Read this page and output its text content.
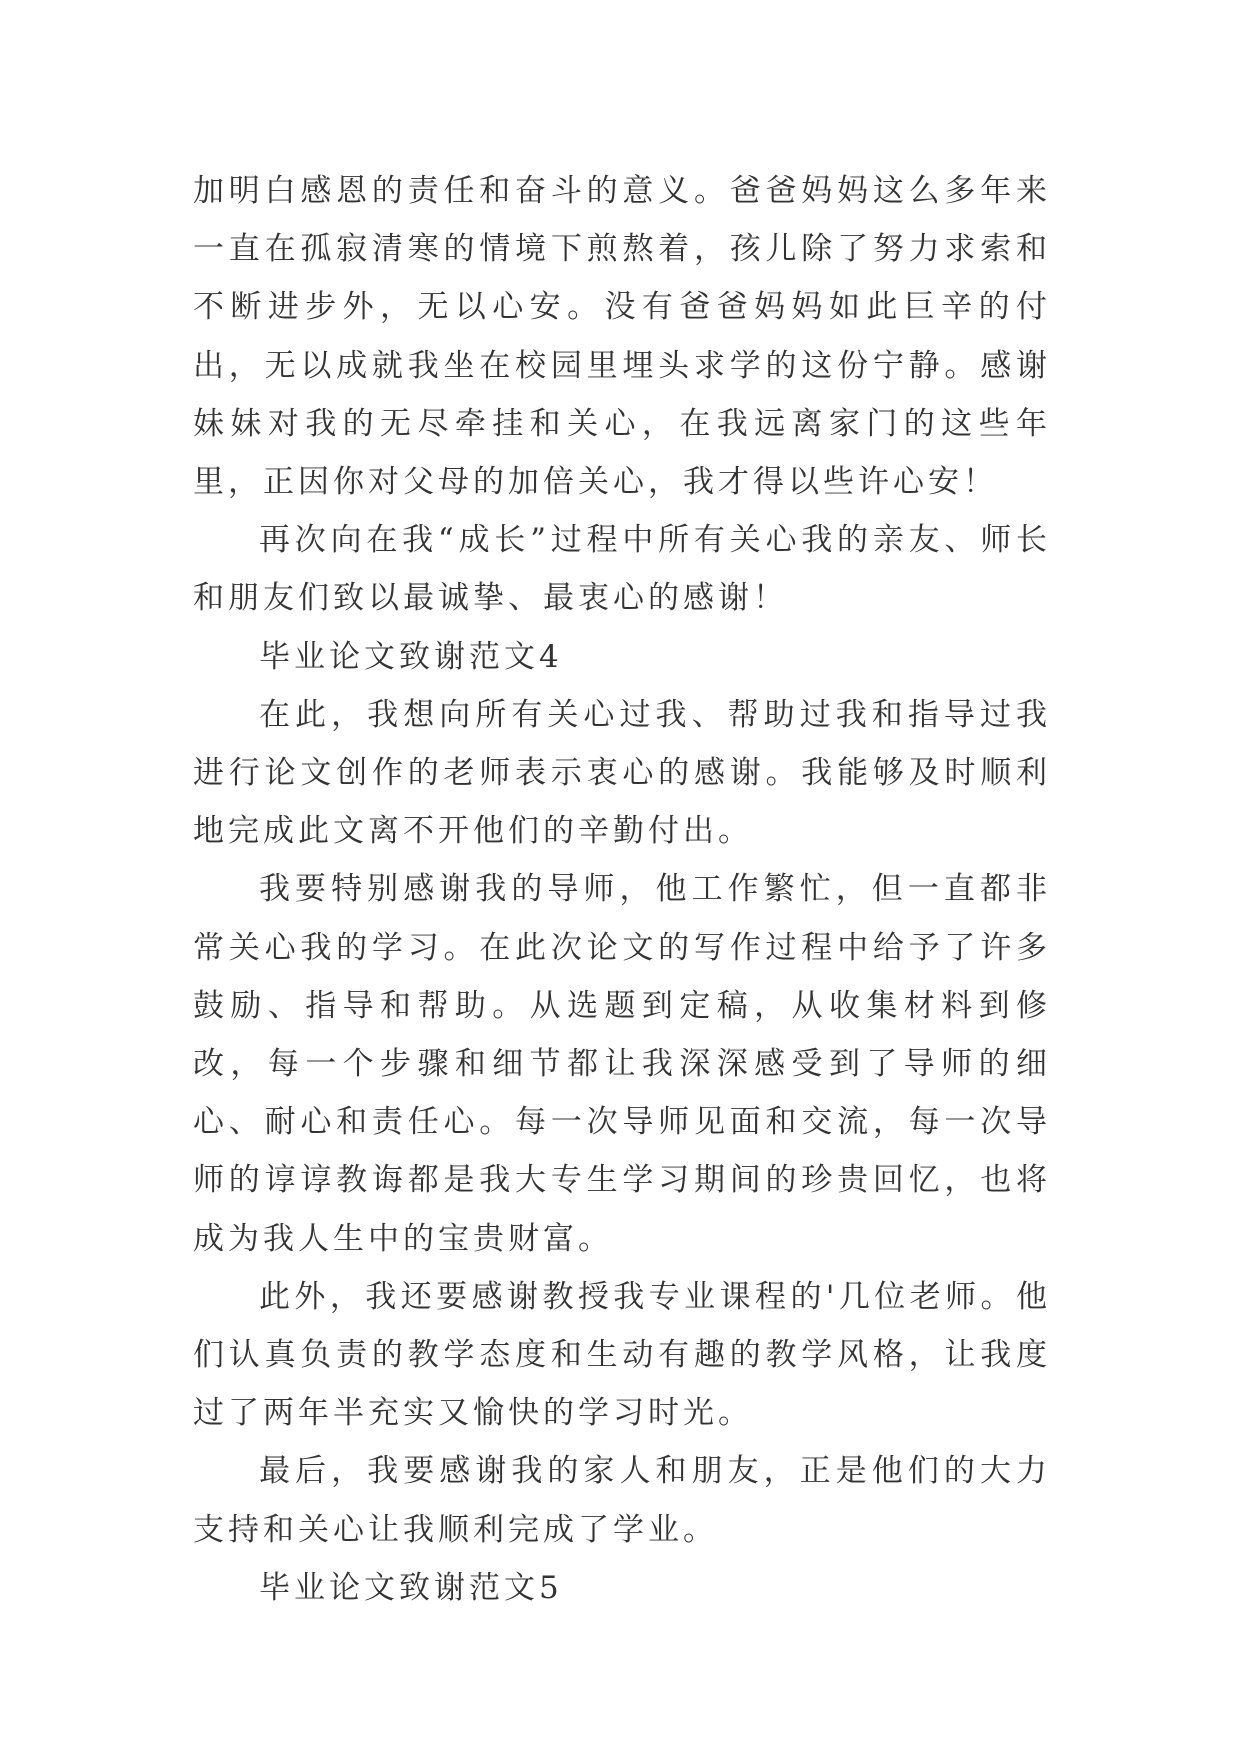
加明白感恩的责任和奋斗的意义。爸爸妈妈这么多年来一直在孤寂清寒的情境下煎熬着，孩儿除了努力求索和不断进步外，无以心安。没有爸爸妈妈如此巨辛的付出，无以成就我坐在校园里埋头求学的这份宁静。感谢妹妹对我的无尽牵挂和关心，在我远离家门的这些年里，正因你对父母的加倍关心，我才得以些许心安！

再次向在我“成长”过程中所有关心我的亲友、师长和朋友们致以最诚挚、最衷心的感谢！

毕业论文致谢范文4

在此，我想向所有关心过我、帮助过我和指导过我进行论文创作的老师表示衷心的感谢。我能够及时顺利地完成此文离不开他们的辛勤付出。

我要特别感谢我的导师，他工作繁忙，但一直都非常关心我的学习。在此次论文的写作过程中给予了许多鼓励、指导和帮助。从选题到定稿，从收集材料到修改，每一个步骤和细节都让我深深感受到了导师的细心、耐心和责任心。每一次导师见面和交流，每一次导师的谆谆教诲都是我大专生学习期间的珍贵回忆，也将成为我人生中的宝贵财富。

此外，我还要感谢教授我专业课程的'几位老师。他们认真负责的教学态度和生动有趣的教学风格，让我度过了两年半充实又愉快的学习时光。

最后，我要感谢我的家人和朋友，正是他们的大力支持和关心让我顺利完成了学业。

毕业论文致谢范文5
